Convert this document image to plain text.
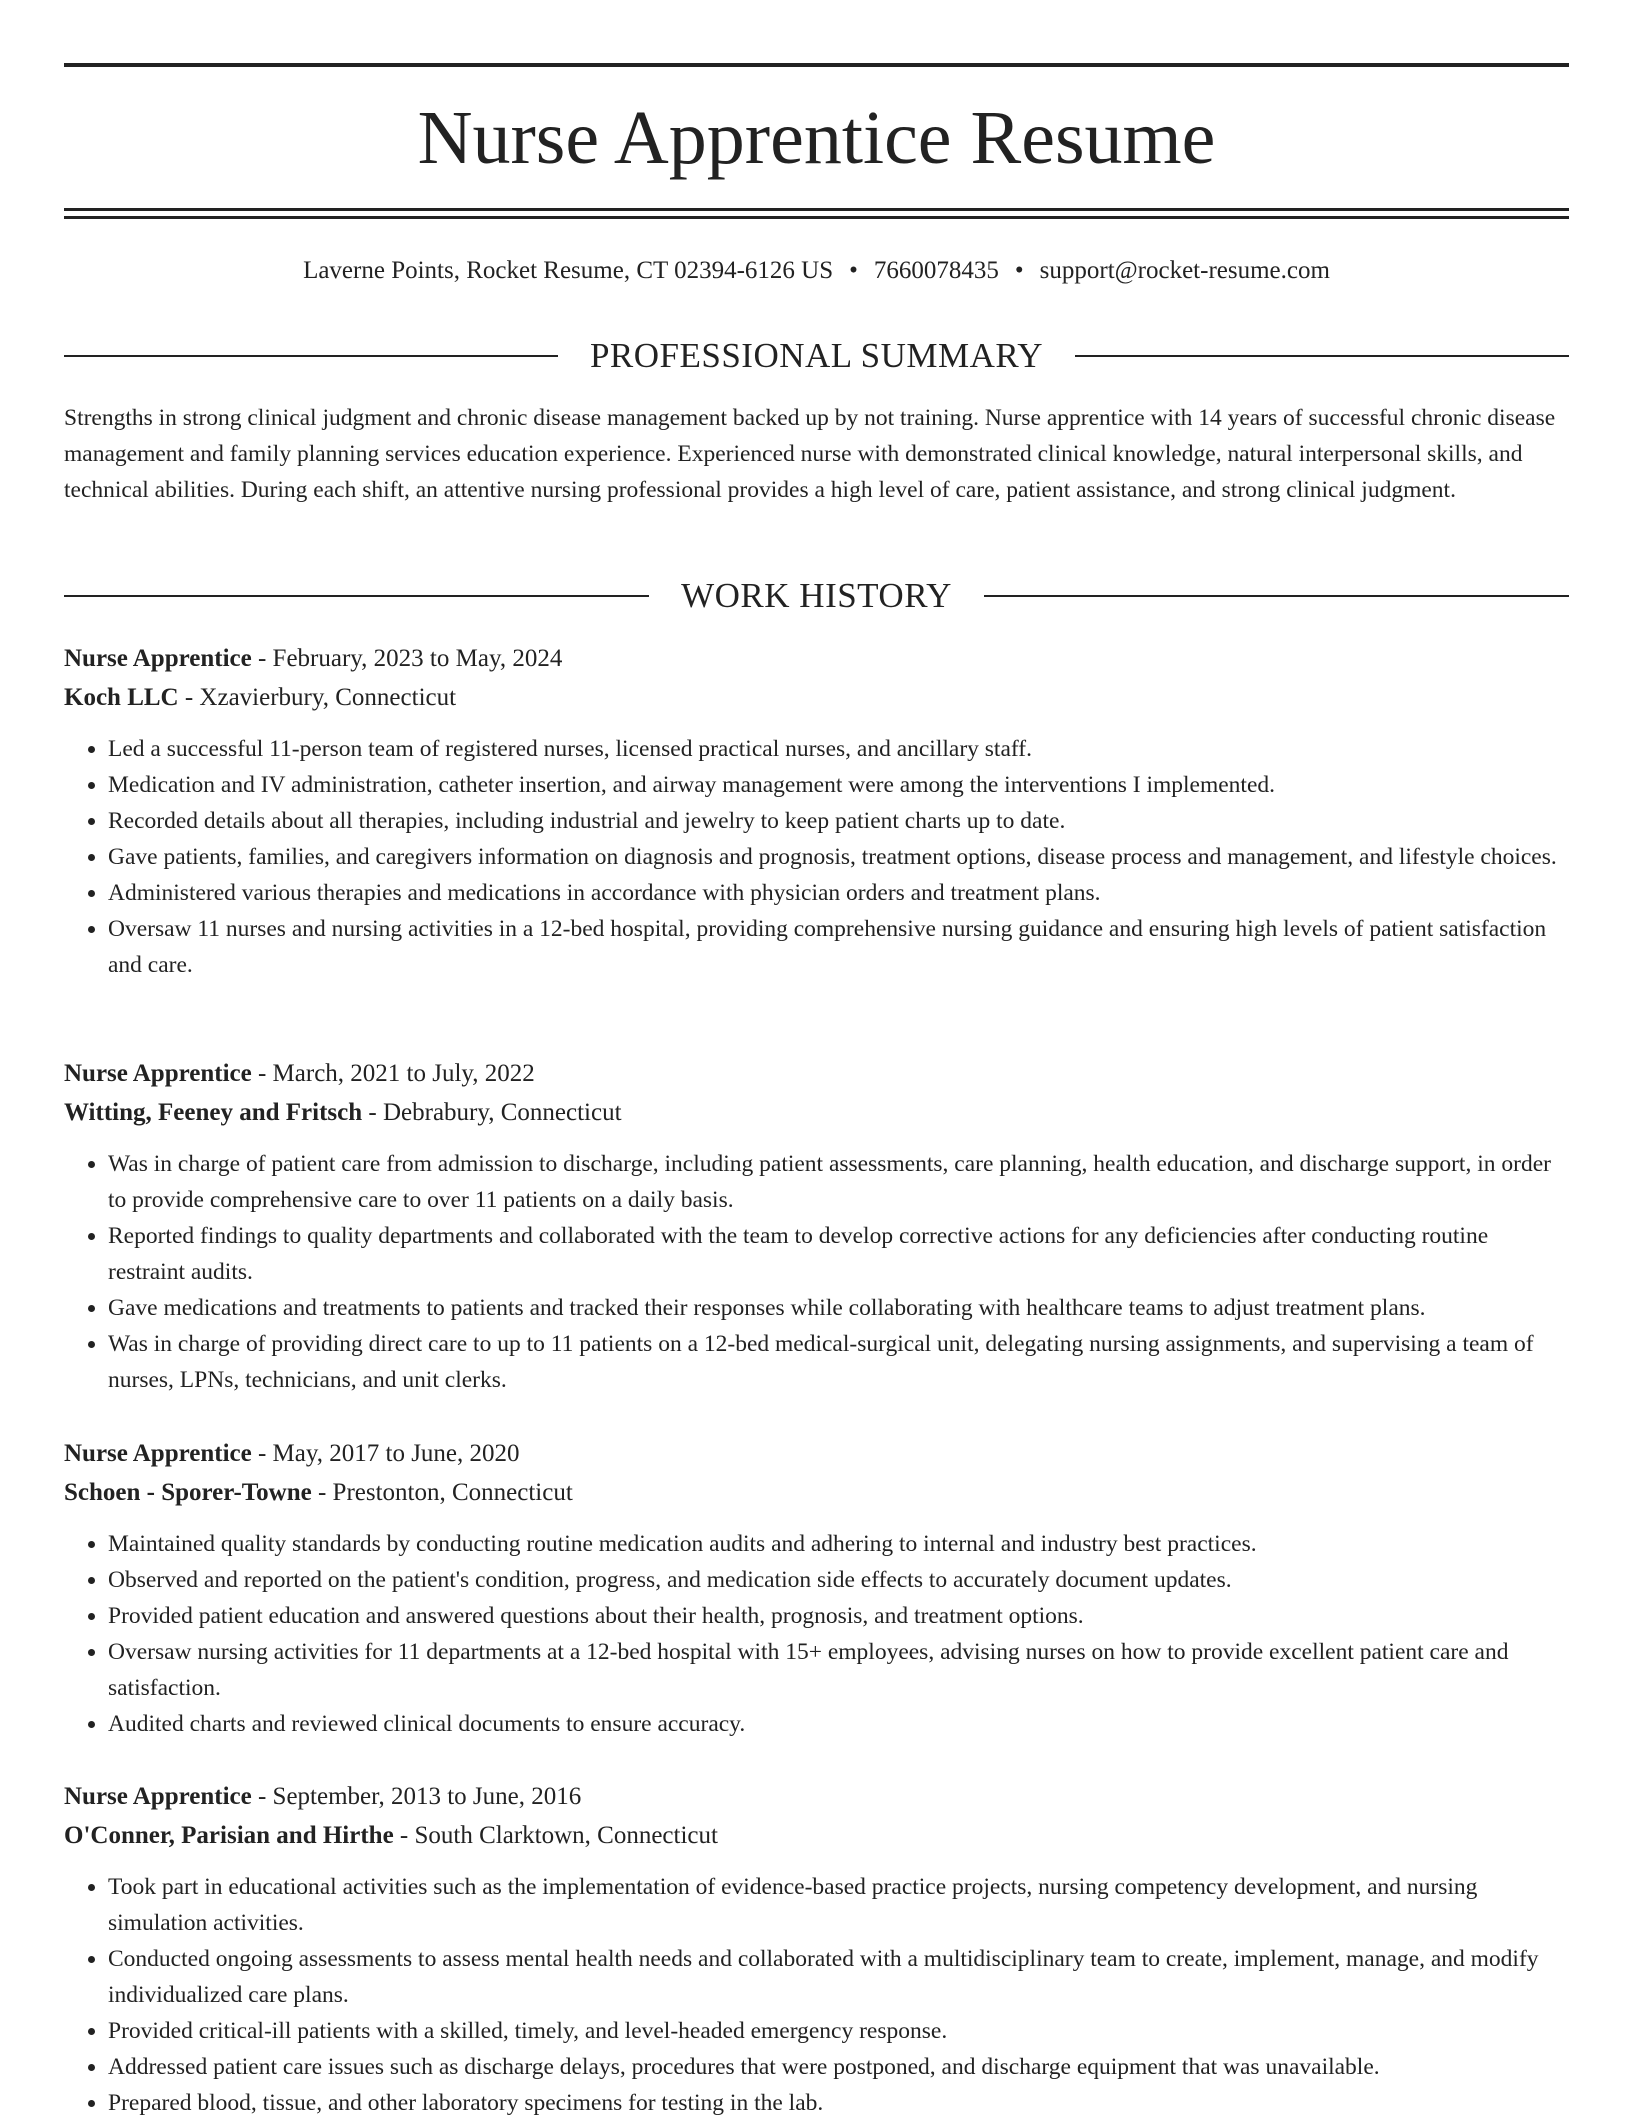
Nurse Apprentice Resume
Laverne Points, Rocket Resume, CT 02394-6126 US • 7660078435 • support@rocket-resume.com
PROFESSIONAL SUMMARY

Strengths in strong clinical judgment and chronic disease management backed up by not training. Nurse apprentice with 14 years of successful chronic disease management and family planning services education experience. Experienced nurse with demonstrated clinical knowledge, natural interpersonal skills, and technical abilities. During each shift, an attentive nursing professional provides a high level of care, patient assistance, and strong clinical judgment.

WORK HISTORY
Nurse Apprentice - February, 2023 to May, 2024
Koch LLC - Xzavierbury, Connecticut
• Led a successful 11-person team of registered nurses, licensed practical nurses, and ancillary staff.
• Medication and IV administration, catheter insertion, and airway management were among the interventions I implemented.
• Recorded details about all therapies, including industrial and jewelry to keep patient charts up to date.
• Gave patients, families, and caregivers information on diagnosis and prognosis, treatment options, disease process and management, and lifestyle choices.
• Administered various therapies and medications in accordance with physician orders and treatment plans.
• Oversaw 11 nurses and nursing activities in a 12-bed hospital, providing comprehensive nursing guidance and ensuring high levels of patient satisfaction and care.
Nurse Apprentice - March, 2021 to July, 2022
Witting, Feeney and Fritsch - Debrabury, Connecticut
• Was in charge of patient care from admission to discharge, including patient assessments, care planning, health education, and discharge support, in order to provide comprehensive care to over 11 patients on a daily basis.
• Reported findings to quality departments and collaborated with the team to develop corrective actions for any deficiencies after conducting routine restraint audits.
• Gave medications and treatments to patients and tracked their responses while collaborating with healthcare teams to adjust treatment plans.
• Was in charge of providing direct care to up to 11 patients on a 12-bed medical-surgical unit, delegating nursing assignments, and supervising a team of nurses, LPNs, technicians, and unit clerks.
Nurse Apprentice - May, 2017 to June, 2020
Schoen - Sporer-Towne - Prestonton, Connecticut
• Maintained quality standards by conducting routine medication audits and adhering to internal and industry best practices.
• Observed and reported on the patient's condition, progress, and medication side effects to accurately document updates.
• Provided patient education and answered questions about their health, prognosis, and treatment options.
• Oversaw nursing activities for 11 departments at a 12-bed hospital with 15+ employees, advising nurses on how to provide excellent patient care and satisfaction.
• Audited charts and reviewed clinical documents to ensure accuracy.
Nurse Apprentice - September, 2013 to June, 2016
O'Conner, Parisian and Hirthe - South Clarktown, Connecticut
• Took part in educational activities such as the implementation of evidence-based practice projects, nursing competency development, and nursing simulation activities.
• Conducted ongoing assessments to assess mental health needs and collaborated with a multidisciplinary team to create, implement, manage, and modify individualized care plans.
• Provided critical-ill patients with a skilled, timely, and level-headed emergency response.
• Addressed patient care issues such as discharge delays, procedures that were postponed, and discharge equipment that was unavailable.
• Prepared blood, tissue, and other laboratory specimens for testing in the lab.
